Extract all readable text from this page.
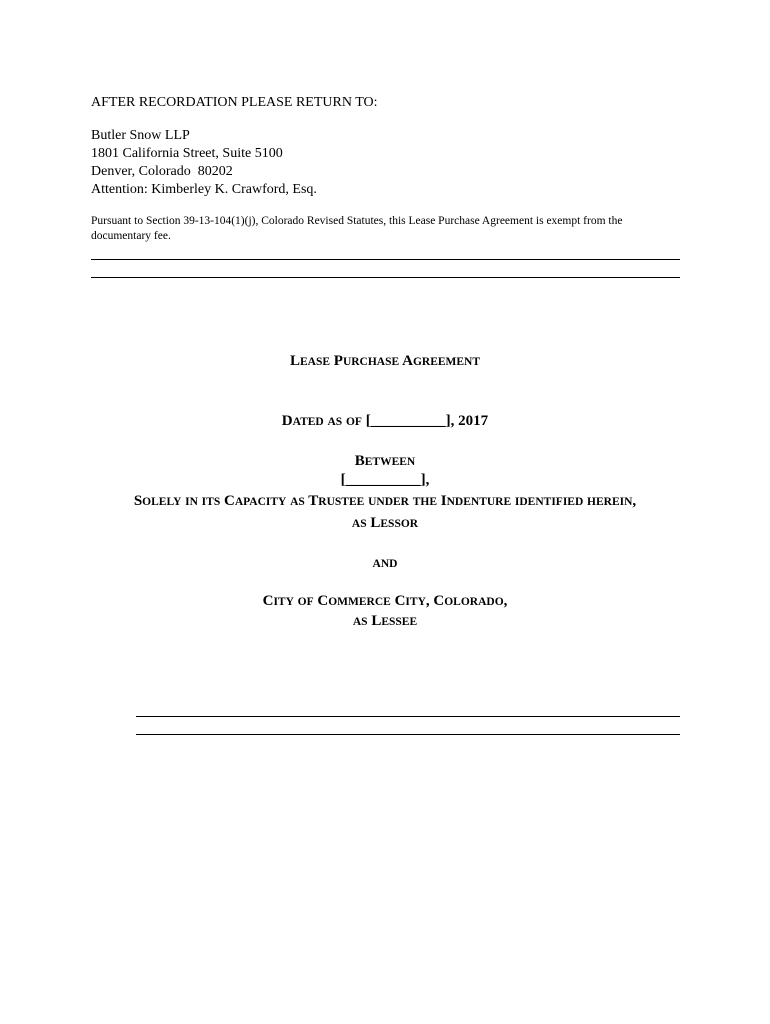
AFTER RECORDATION PLEASE RETURN TO:
Butler Snow LLP
1801 California Street, Suite 5100
Denver, Colorado  80202
Attention: Kimberley K. Crawford, Esq.
Pursuant to Section 39-13-104(1)(j), Colorado Revised Statutes, this Lease Purchase Agreement is exempt from the documentary fee.
LEASE PURCHASE AGREEMENT
DATED AS OF [__________], 2017
BETWEEN
[__________],
SOLELY IN ITS CAPACITY AS TRUSTEE UNDER THE INDENTURE IDENTIFIED HEREIN,
AS LESSOR
AND
CITY OF COMMERCE CITY, COLORADO,
AS LESSEE
